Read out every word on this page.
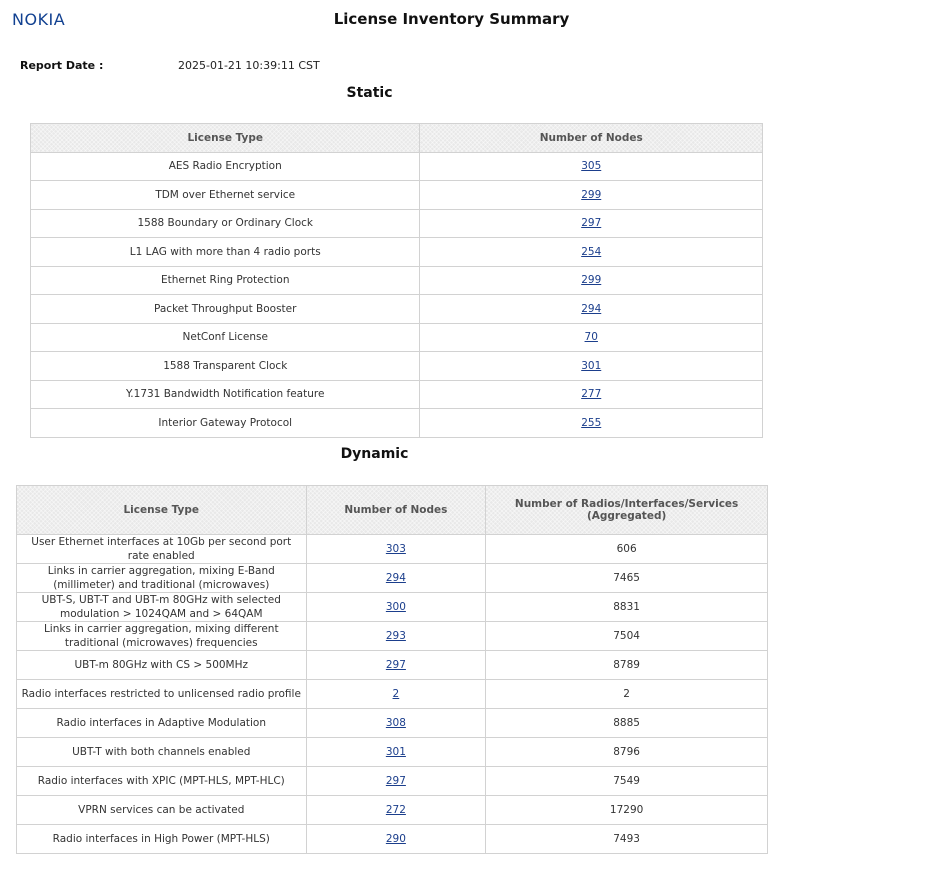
NOKIA	License Inventory Summary
Report Date :	2025-01-21 10:39:11 CST
Static
License Type	Number of Nodes
AES Radio Encryption	305
TDM over Ethernet service	299
1588 Boundary or Ordinary Clock	297
L1 LAG with more than 4 radio ports	254
Ethernet Ring Protection	299
Packet Throughput Booster	294
NetConf License	70
1588 Transparent Clock	301
Y.1731 Bandwidth Notification feature	277
Interior Gateway Protocol	255
Dynamic
License Type	Number of Nodes	Number of Radios/Interfaces/Services (Aggregated)
User Ethernet interfaces at 10Gb per second port rate enabled	303	606
Links in carrier aggregation, mixing E-Band (millimeter) and traditional (microwaves)	294	7465
UBT-S, UBT-T and UBT-m 80GHz with selected modulation > 1024QAM and > 64QAM	300	8831
Links in carrier aggregation, mixing different traditional (microwaves) frequencies	293	7504
UBT-m 80GHz with CS > 500MHz	297	8789
Radio interfaces restricted to unlicensed radio profile	2	2
Radio interfaces in Adaptive Modulation	308	8885
UBT-T with both channels enabled	301	8796
Radio interfaces with XPIC (MPT-HLS, MPT-HLC)	297	7549
VPRN services can be activated	272	17290
Radio interfaces in High Power (MPT-HLS)	290	7493
